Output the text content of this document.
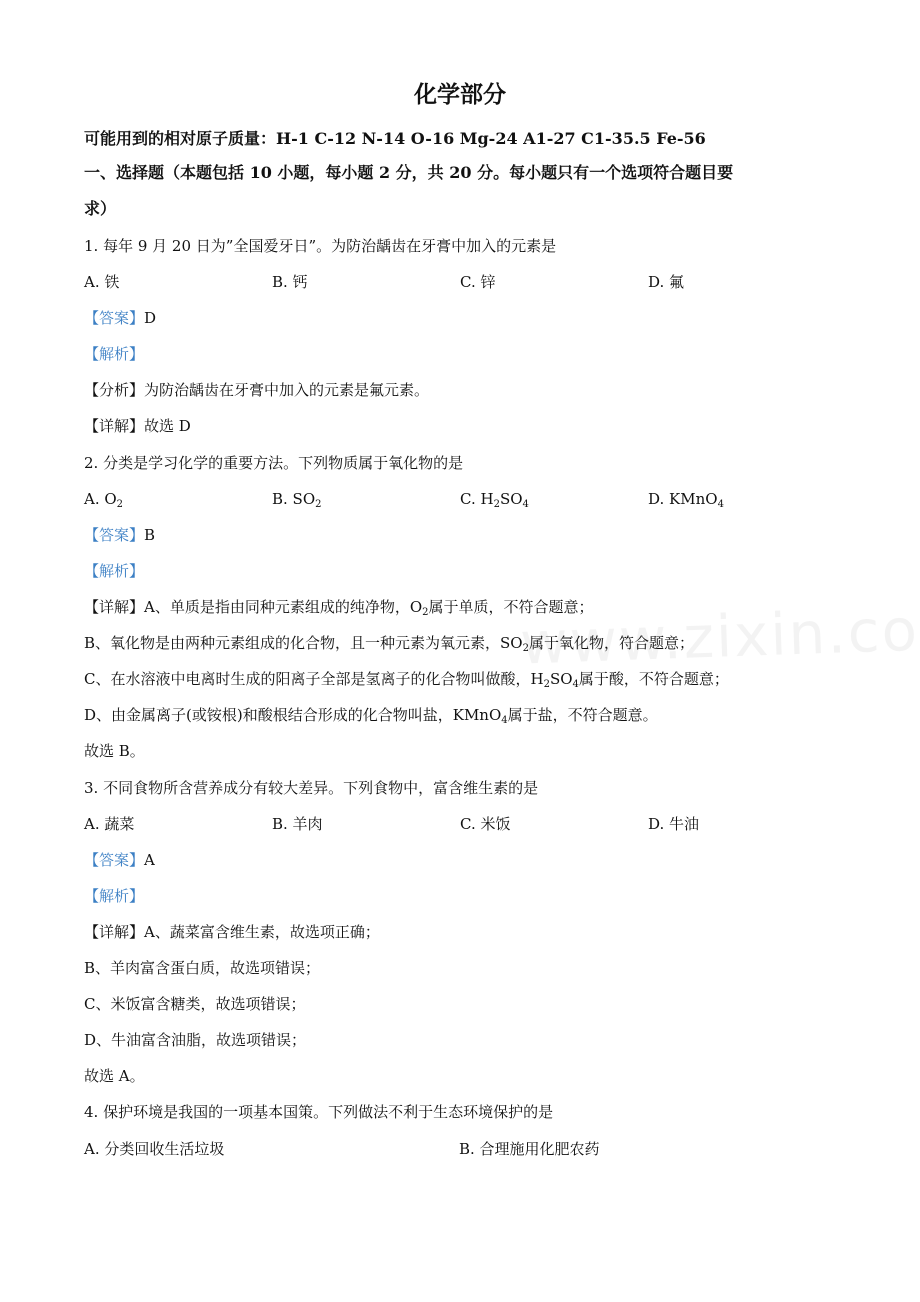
化学部分
可能用到的相对原子质量：H-1 C-12 N-14 O-16 Mg-24 A1-27 C1-35.5 Fe-56
一、选择题（本题包括 10 小题，每小题 2 分，共 20 分。每小题只有一个选项符合题目要
求）
1. 每年 9 月 20 日为”全国爱牙日”。为防治龋齿在牙膏中加入的元素是
A. 铁	B. 钙	C. 锌	D. 氟
【答案】D
【解析】
【分析】为防治龋齿在牙膏中加入的元素是氟元素。
【详解】故选 D
2. 分类是学习化学的重要方法。下列物质属于氧化物的是
A. $O_2$	B. $SO_2$	C. $H_2SO_4$	D. KMnO$_4$
【答案】B
【解析】
【详解】A、单质是指由同种元素组成的纯净物，$O_2$属于单质，不符合题意；
B、氧化物是由两种元素组成的化合物，且一种元素为氧元素，$SO_2$属于氧化物，符合题意；
C、在水溶液中电离时生成的阳离子全部是氢离子的化合物叫做酸，$H_2SO_4$属于酸，不符合题意；
D、由金属离子(或铵根)和酸根结合形成的化合物叫盐，KMnO$_4$属于盐，不符合题意。
故选 B。
3. 不同食物所含营养成分有较大差异。下列食物中，富含维生素的是
A. 蔬菜	B. 羊肉	C. 米饭	D. 牛油
【答案】A
【解析】
【详解】A、蔬菜富含维生素，故选项正确；
B、羊肉富含蛋白质，故选项错误；
C、米饭富含糖类，故选项错误；
D、牛油富含油脂，故选项错误；
故选 A。
4. 保护环境是我国的一项基本国策。下列做法不利于生态环境保护的是
A. 分类回收生活垃圾	B. 合理施用化肥农药
